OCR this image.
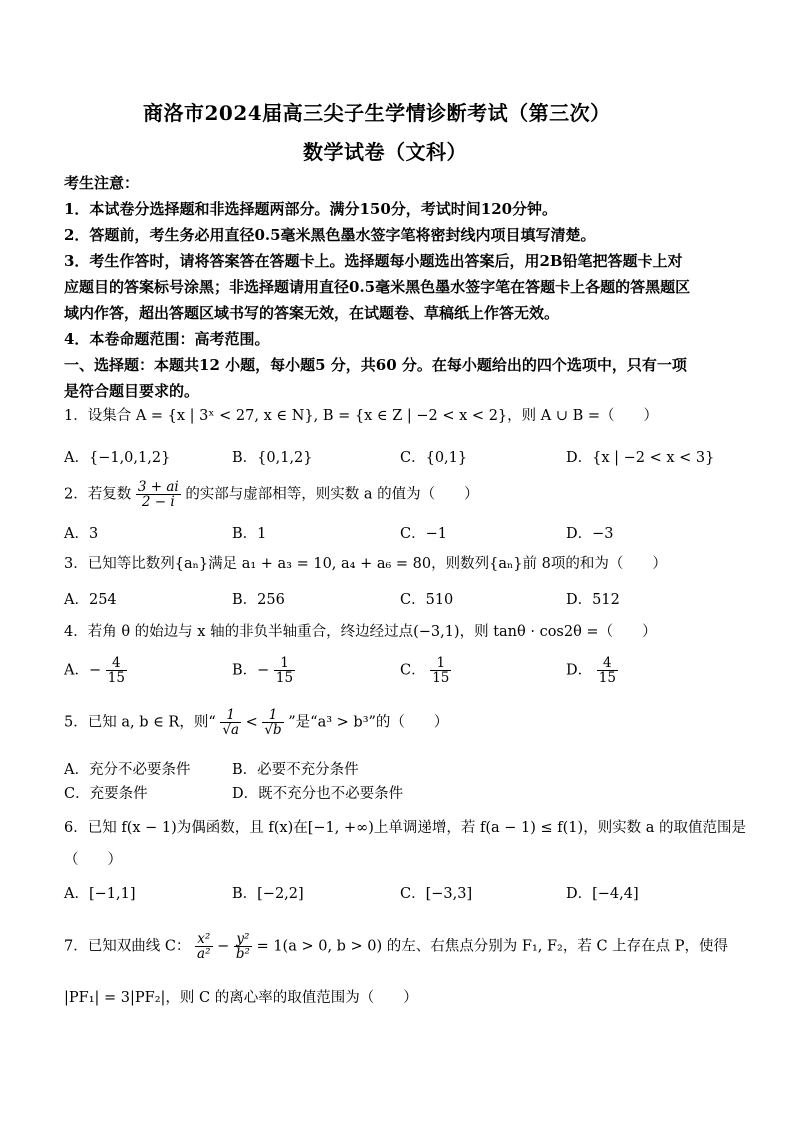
商洛市2024届高三尖子生学情诊断考试（第三次）
数学试卷（文科）
考生注意：
1．本试卷分选择题和非选择题两部分。满分150分，考试时间120分钟。
2．答题前，考生务必用直径0.5毫米黑色墨水签字笔将密封线内项目填写清楚。
3．考生作答时，请将答案答在答题卡上。选择题每小题选出答案后，用2B铅笔把答题卡上对
应题目的答案标号涂黑；非选择题请用直径0.5毫米黑色墨水签字笔在答题卡上各题的答黑题区
域内作答，超出答题区域书写的答案无效，在试题卷、草稿纸上作答无效。
4．本卷命题范围：高考范围。
一、选择题：本题共12 小题，每小题5 分，共60 分。在每小题给出的四个选项中，只有一项
是符合题目要求的。
1．设集合 A = {x | 3ˣ < 27, x ∈ N}, B = {x ∈ Z | −2 < x < 2}，则 A ∪ B =（　　）
A．{−1,0,1,2}	B．{0,1,2}	C．{0,1}	D．{x | −2 < x < 3}
2．若复数 $\frac{3 + ai}{2 - i}$ 的实部与虚部相等，则实数 a 的值为（　　）
A．3	B．1	C．−1	D．−3
3．已知等比数列{aₙ}满足 a₁ + a₃ = 10, a₄ + a₆ = 80，则数列{aₙ}前 8项的和为（　　）
A．254	B．256	C．510	D．512
4．若角 θ 的始边与 x 轴的非负半轴重合，终边经过点(−3,1)，则 tanθ · cos2θ =（　　）
A．− $\frac{4}{15}$	B．− $\frac{1}{15}$	C． $\frac{1}{15}$	D． $\frac{4}{15}$
5．已知 a, b ∈ R，则“ $\frac{1}{√a} < \frac{1}{√b}$ ”是“a³ > b³”的（　　）
A．充分不必要条件	B．必要不充分条件
C．充要条件	D．既不充分也不必要条件
6．已知 f(x − 1)为偶函数，且 f(x)在[−1, +∞)上单调递增，若 f(a − 1) ≤ f(1)，则实数 a 的取值范围是
（　　）
A．[−1,1]	B．[−2,2]	C．[−3,3]	D．[−4,4]
7．已知双曲线 C： $\frac{\text{x²}}{\text{a²}} - \frac{\text{y²}}{\text{b²}} = 1(a > 0$, b > 0) 的左、右焦点分别为 F₁, F₂，若 C 上存在点 P，使得
|PF₁| = 3|PF₂|，则 C 的离心率的取值范围为（　　）
